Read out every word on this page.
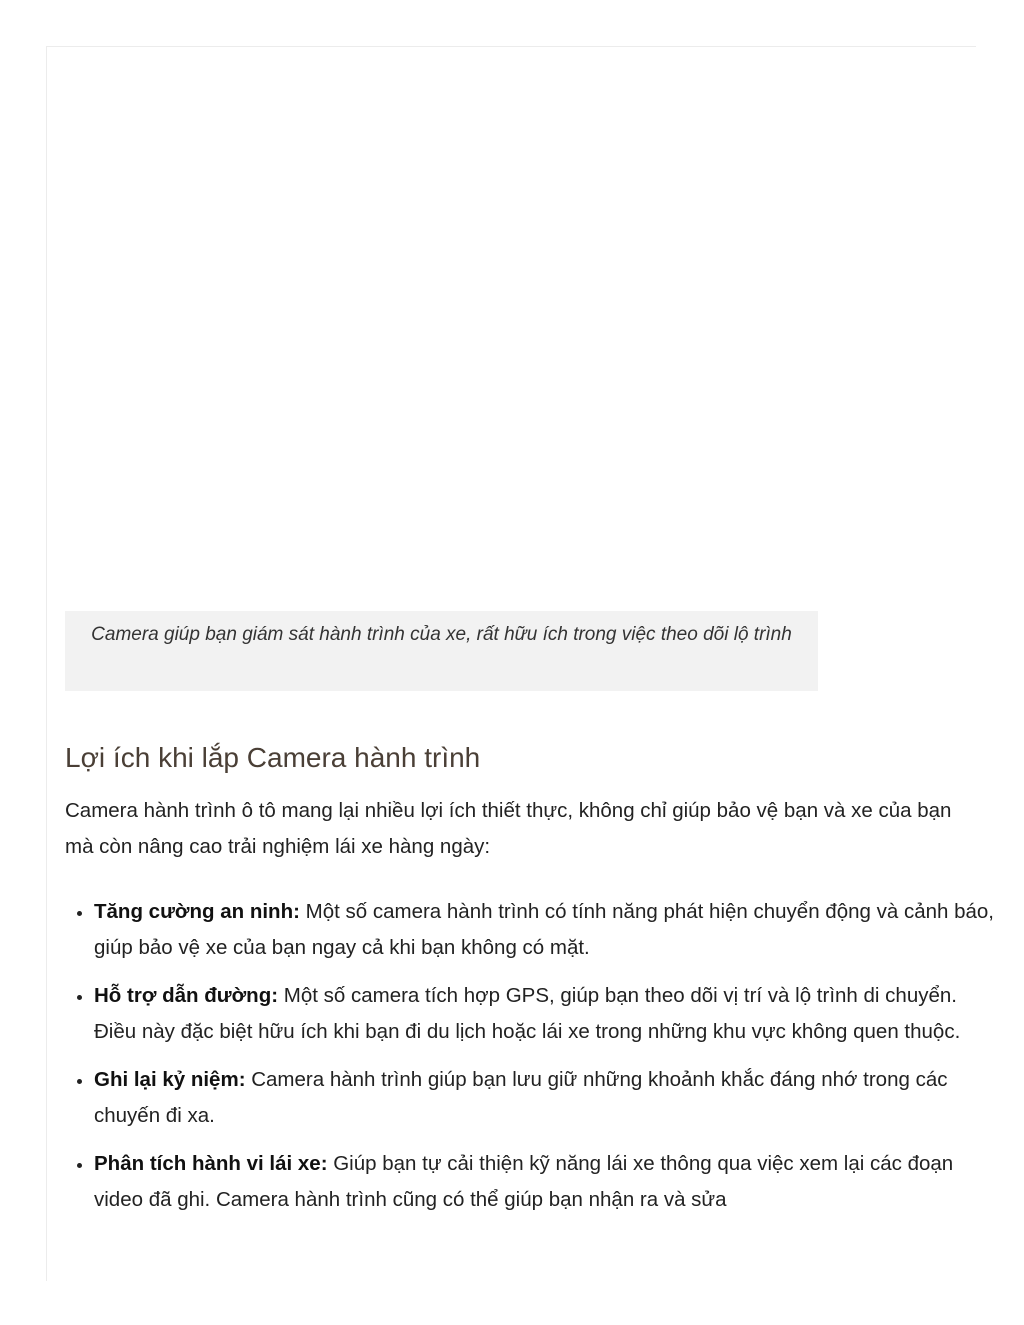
Camera giúp bạn giám sát hành trình của xe, rất hữu ích trong việc theo dõi lộ trình
Lợi ích khi lắp Camera hành trình

Camera hành trình ô tô mang lại nhiều lợi ích thiết thực, không chỉ giúp bảo vệ bạn và xe của bạn mà còn nâng cao trải nghiệm lái xe hàng ngày:

• Tăng cường an ninh: Một số camera hành trình có tính năng phát hiện chuyển động và cảnh báo, giúp bảo vệ xe của bạn ngay cả khi bạn không có mặt.
• Hỗ trợ dẫn đường: Một số camera tích hợp GPS, giúp bạn theo dõi vị trí và lộ trình di chuyển. Điều này đặc biệt hữu ích khi bạn đi du lịch hoặc lái xe trong những khu vực không quen thuộc.
• Ghi lại kỷ niệm: Camera hành trình giúp bạn lưu giữ những khoảnh khắc đáng nhớ trong các chuyến đi xa.
• Phân tích hành vi lái xe: Giúp bạn tự cải thiện kỹ năng lái xe thông qua việc xem lại các đoạn video đã ghi. Camera hành trình cũng có thể giúp bạn nhận ra và sửa
